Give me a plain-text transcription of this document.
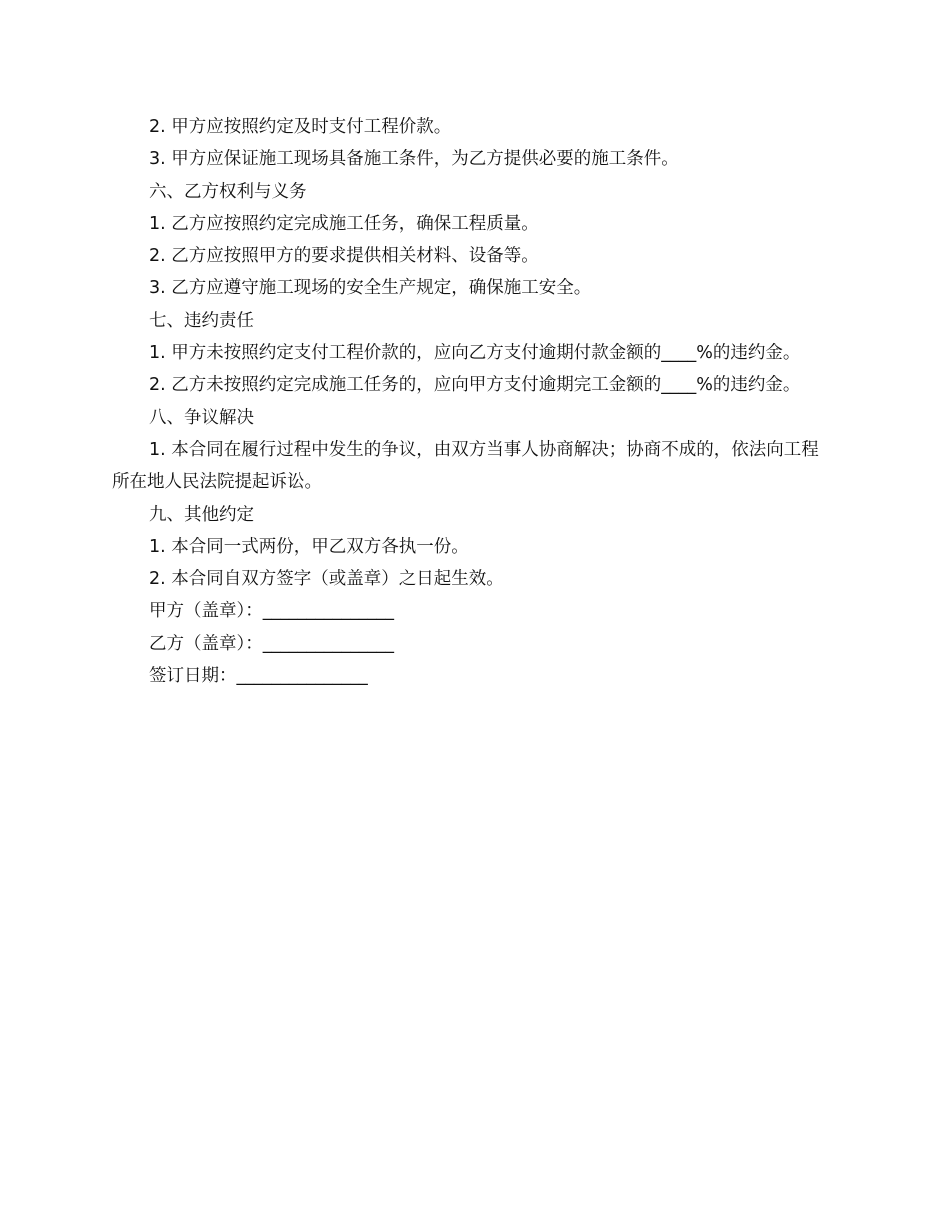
2. 甲方应按照约定及时支付工程价款。
3. 甲方应保证施工现场具备施工条件，为乙方提供必要的施工条件。
六、乙方权利与义务
1. 乙方应按照约定完成施工任务，确保工程质量。
2. 乙方应按照甲方的要求提供相关材料、设备等。
3. 乙方应遵守施工现场的安全生产规定，确保施工安全。
七、违约责任
1. 甲方未按照约定支付工程价款的，应向乙方支付逾期付款金额的____%的违约金。
2. 乙方未按照约定完成施工任务的，应向甲方支付逾期完工金额的____%的违约金。
八、争议解决
1. 本合同在履行过程中发生的争议，由双方当事人协商解决；协商不成的，依法向工程所在地人民法院提起诉讼。
九、其他约定
1. 本合同一式两份，甲乙双方各执一份。
2. 本合同自双方签字（或盖章）之日起生效。
甲方（盖章）：_______________
乙方（盖章）：_______________
签订日期：_______________
